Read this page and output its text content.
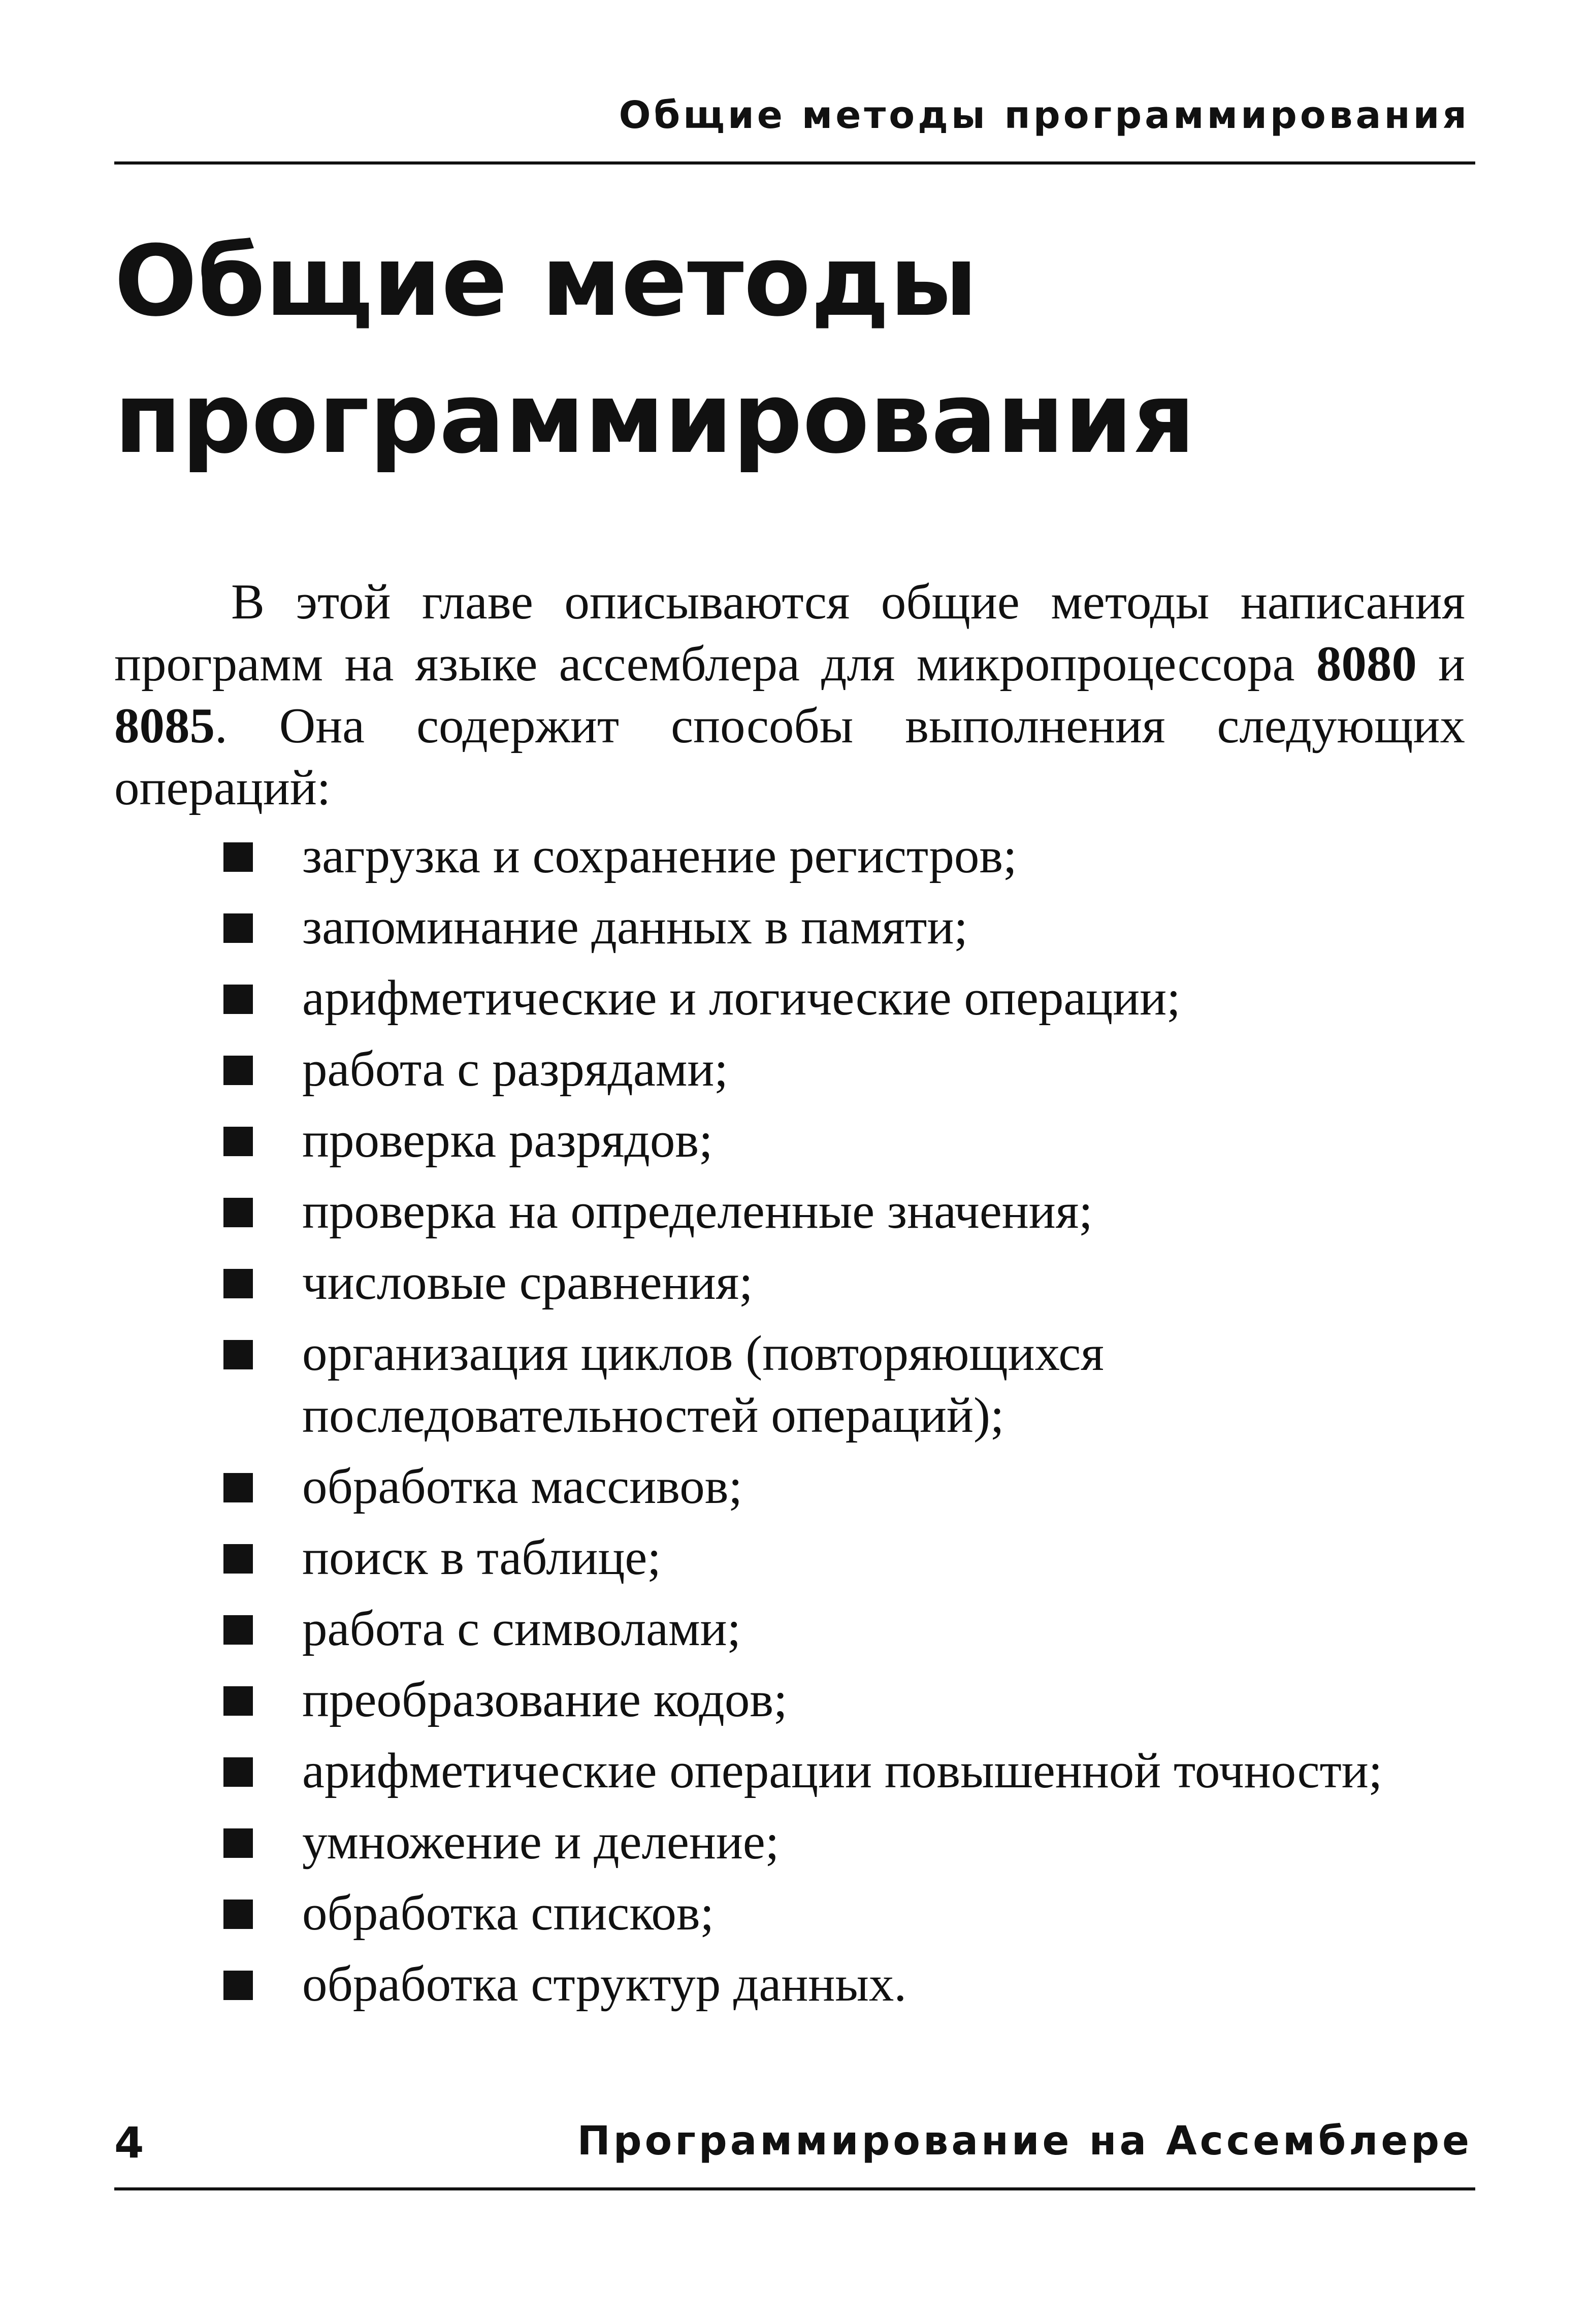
Общие методы программирования
Общие методы
программирования

В этой главе описываются общие методы написания программ на языке ассемблера для микропроцессора 8080 и 8085. Она содержит способы выполнения следующих операций:

загрузка и сохранение регистров;
запоминание данных в памяти;
арифметические и логические операции;
работа с разрядами;
проверка разрядов;
проверка на определенные значения;
числовые сравнения;
организация циклов (повторяющихся последовательностей операций);
обработка массивов;
поиск в таблице;
работа с символами;
преобразование кодов;
арифметические операции повышенной точности;
умножение и деление;
обработка списков;
обработка структур данных.
4	Программирование на Ассемблере
